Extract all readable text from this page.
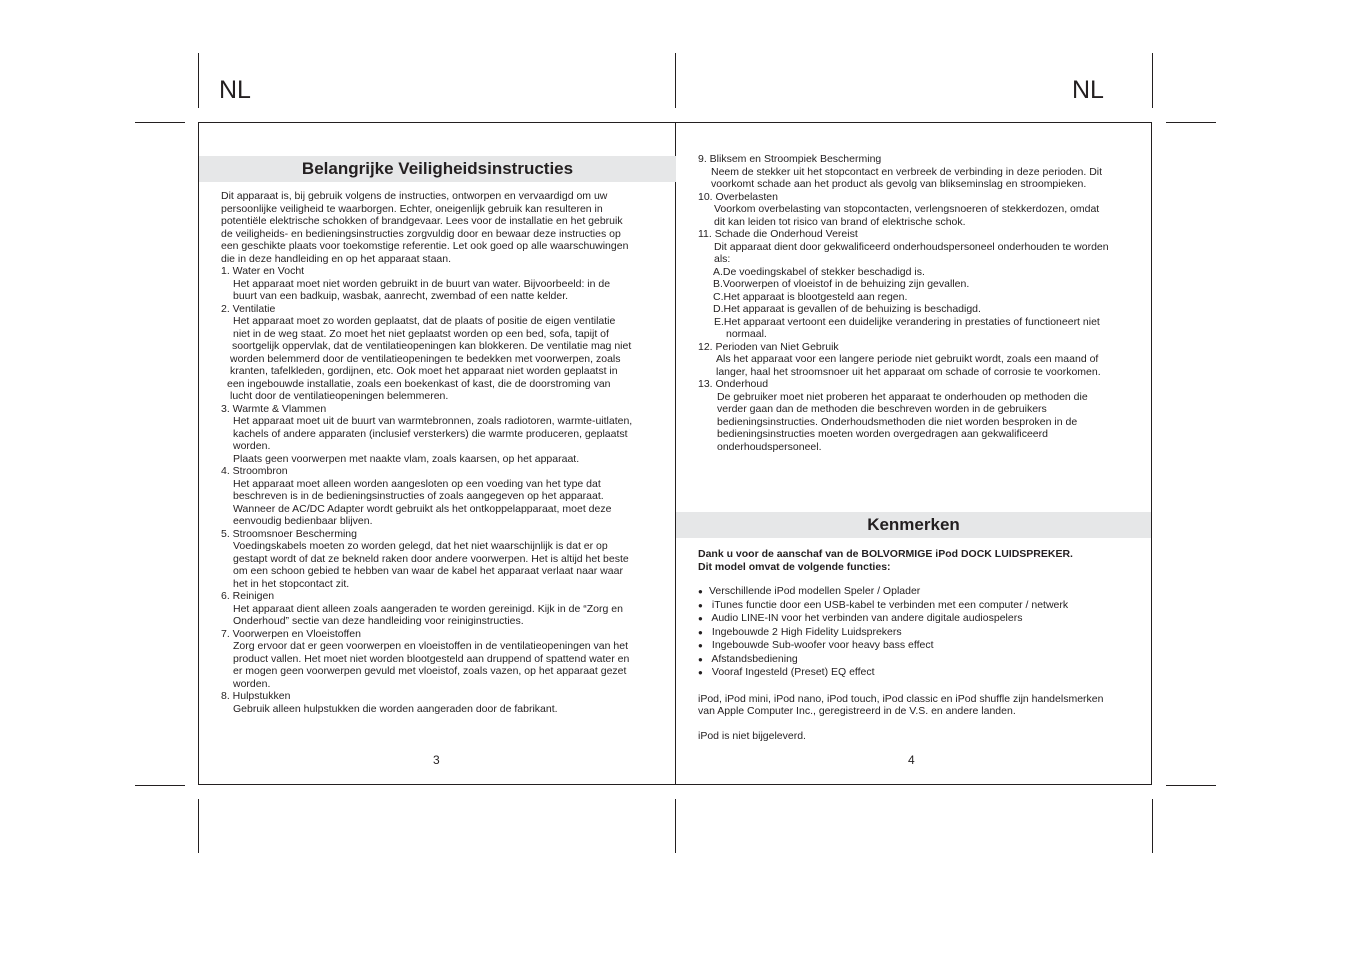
NL	NL
Belangrijke Veiligheidsinstructies

Dit apparaat is, bij gebruik volgens de instructies, ontworpen en vervaardigd om uw

persoonlijke veiligheid te waarborgen. Echter, oneigenlijk gebruik kan resulteren in

potentiële elektrische schokken of brandgevaar. Lees voor de installatie en het gebruik

de veiligheids- en bedieningsinstructies zorgvuldig door en bewaar deze instructies op

een geschikte plaats voor toekomstige referentie. Let ook goed op alle waarschuwingen

die in deze handleiding en op het apparaat staan.

1. Water en Vocht

Het apparaat moet niet worden gebruikt in de buurt van water. Bijvoorbeeld: in de

buurt van een badkuip, wasbak, aanrecht, zwembad of een natte kelder.

2. Ventilatie

Het apparaat moet zo worden geplaatst, dat de plaats of positie de eigen ventilatie

niet in de weg staat. Zo moet het niet geplaatst worden op een bed, sofa, tapijt of

soortgelijk oppervlak, dat de ventilatieopeningen kan blokkeren. De ventilatie mag niet

worden belemmerd door de ventilatieopeningen te bedekken met voorwerpen, zoals

kranten, tafelkleden, gordijnen, etc. Ook moet het apparaat niet worden geplaatst in

een ingebouwde installatie, zoals een boekenkast of kast, die de doorstroming van

lucht door de ventilatieopeningen belemmeren.

3. Warmte & Vlammen

Het apparaat moet uit de buurt van warmtebronnen, zoals radiotoren, warmte-uitlaten,

kachels of andere apparaten (inclusief versterkers) die warmte produceren, geplaatst

worden.

Plaats geen voorwerpen met naakte vlam, zoals kaarsen, op het apparaat.

4. Stroombron

Het apparaat moet alleen worden aangesloten op een voeding van het type dat

beschreven is in de bedieningsinstructies of zoals aangegeven op het apparaat.

Wanneer de AC/DC Adapter wordt gebruikt als het ontkoppelapparaat, moet deze

eenvoudig bedienbaar blijven.

5. Stroomsnoer Bescherming

Voedingskabels moeten zo worden gelegd, dat het niet waarschijnlijk is dat er op

gestapt wordt of dat ze bekneld raken door andere voorwerpen. Het is altijd het beste

om een schoon gebied te hebben van waar de kabel het apparaat verlaat naar waar

het in het stopcontact zit.

6. Reinigen

Het apparaat dient alleen zoals aangeraden te worden gereinigd. Kijk in de “Zorg en

Onderhoud” sectie van deze handleiding voor reiniginstructies.

7. Voorwerpen en Vloeistoffen

Zorg ervoor dat er geen voorwerpen en vloeistoffen in de ventilatieopeningen van het

product vallen. Het moet niet worden blootgesteld aan druppend of spattend water en

er mogen geen voorwerpen gevuld met vloeistof, zoals vazen, op het apparaat gezet

worden.

8. Hulpstukken

Gebruik alleen hulpstukken die worden aangeraden door de fabrikant.

3

9. Bliksem en Stroompiek Bescherming

Neem de stekker uit het stopcontact en verbreek de verbinding in deze perioden. Dit

voorkomt schade aan het product als gevolg van blikseminslag en stroompieken.

10. Overbelasten

Voorkom overbelasting van stopcontacten, verlengsnoeren of stekkerdozen, omdat

dit kan leiden tot risico van brand of elektrische schok.

11. Schade die Onderhoud Vereist

Dit apparaat dient door gekwalificeerd onderhoudspersoneel onderhouden te worden

als:

A.De voedingskabel of stekker beschadigd is.

B.Voorwerpen of vloeistof in de behuizing zijn gevallen.

C.Het apparaat is blootgesteld aan regen.

D.Het apparaat is gevallen of de behuizing is beschadigd.

E.Het apparaat vertoont een duidelijke verandering in prestaties of functioneert niet

normaal.

12. Perioden van Niet Gebruik

Als het apparaat voor een langere periode niet gebruikt wordt, zoals een maand of

langer, haal het stroomsnoer uit het apparaat om schade of corrosie te voorkomen.

13. Onderhoud

De gebruiker moet niet proberen het apparaat te onderhouden op methoden die

verder gaan dan de methoden die beschreven worden in de gebruikers

bedieningsinstructies. Onderhoudsmethoden die niet worden besproken in de

bedieningsinstructies moeten worden overgedragen aan gekwalificeerd

onderhoudspersoneel.

Kenmerken

Dank u voor de aanschaf van de BOLVORMIGE iPod DOCK LUIDSPREKER.

Dit model omvat de volgende functies:

● Verschillende iPod modellen Speler / Oplader
● iTunes functie door een USB-kabel te verbinden met een computer / netwerk
● Audio LINE-IN voor het verbinden van andere digitale audiospelers
● Ingebouwde 2 High Fidelity Luidsprekers
● Ingebouwde Sub-woofer voor heavy bass effect
● Afstandsbediening
● Vooraf Ingesteld (Preset) EQ effect

iPod, iPod mini, iPod nano, iPod touch, iPod classic en iPod shuffle zijn handelsmerken

van Apple Computer Inc., geregistreerd in de V.S. en andere landen.

iPod is niet bijgeleverd.

4
